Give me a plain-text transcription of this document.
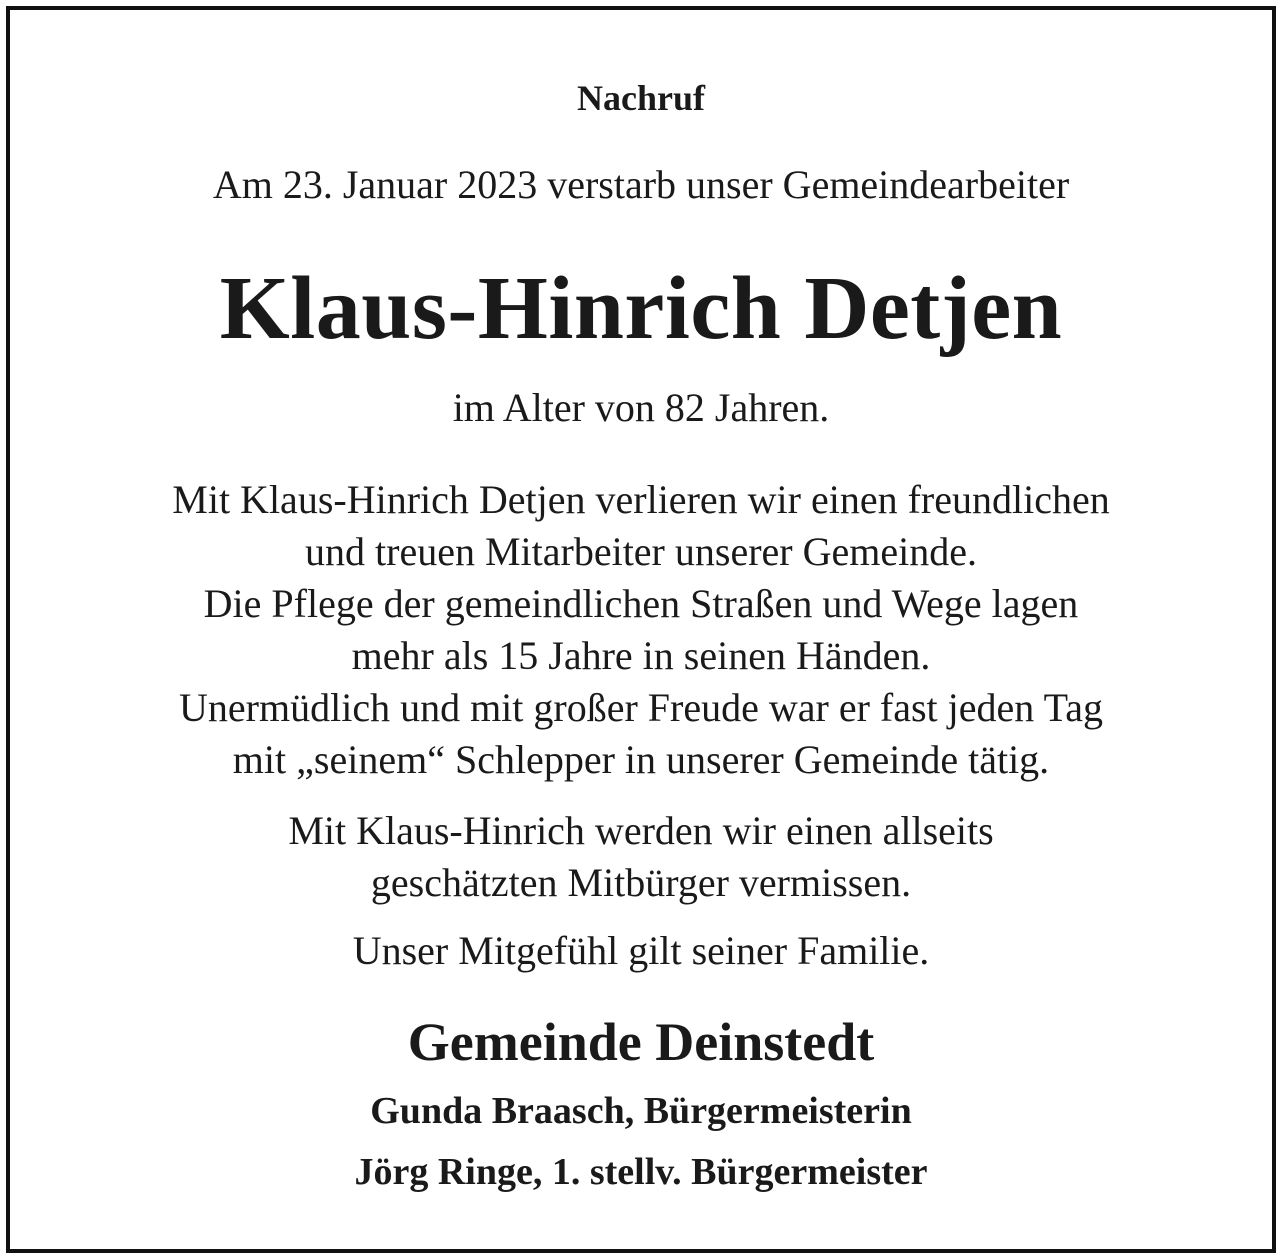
Nachruf
Am 23. Januar 2023 verstarb unser Gemeindearbeiter
Klaus-Hinrich Detjen
im Alter von 82 Jahren.
Mit Klaus-Hinrich Detjen verlieren wir einen freundlichen
und treuen Mitarbeiter unserer Gemeinde.
Die Pflege der gemeindlichen Straßen und Wege lagen
mehr als 15 Jahre in seinen Händen.
Unermüdlich und mit großer Freude war er fast jeden Tag
mit „seinem“ Schlepper in unserer Gemeinde tätig.
Mit Klaus-Hinrich werden wir einen allseits
geschätzten Mitbürger vermissen.
Unser Mitgefühl gilt seiner Familie.
Gemeinde Deinstedt
Gunda Braasch, Bürgermeisterin
Jörg Ringe, 1. stellv. Bürgermeister
